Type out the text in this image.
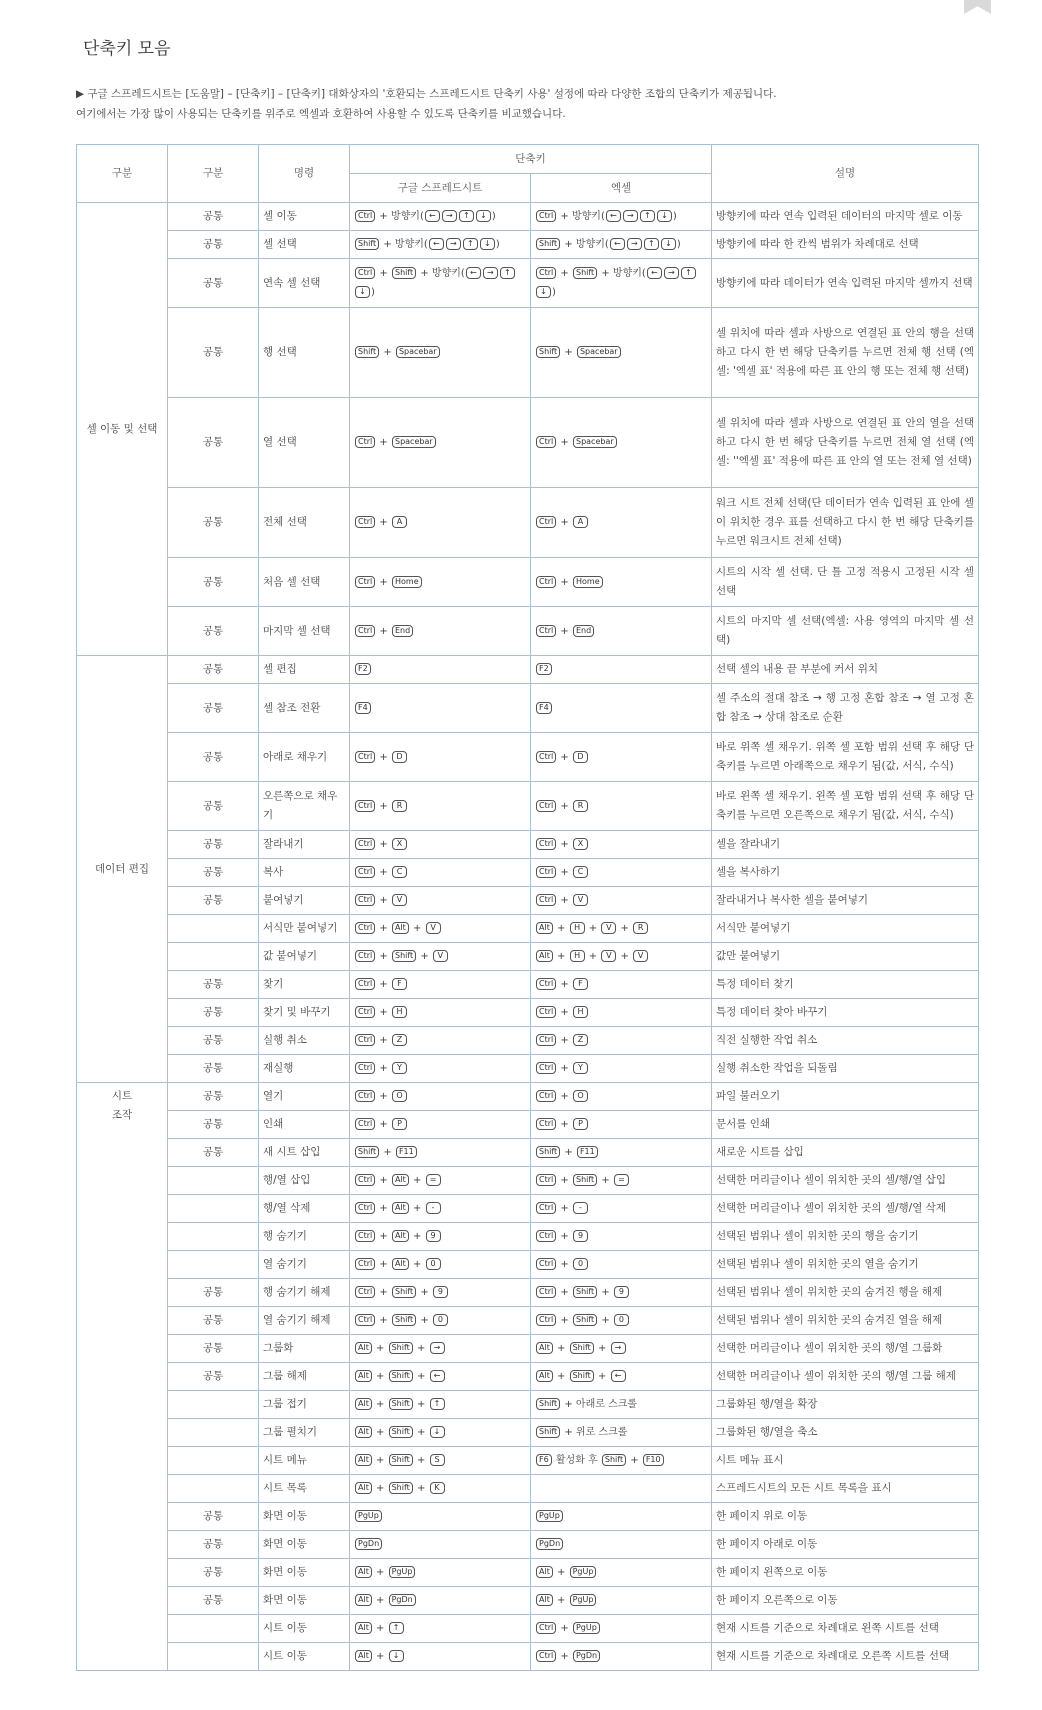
단축키 모음

▶ 구글 스프레드시트는 [도움말] – [단축키] – [단축키] 대화상자의 '호환되는 스프레드시트 단축키 사용' 설정에 따라 다양한 조합의 단축키가 제공됩니다.

여기에서는 가장 많이 사용되는 단축키를 위주로 엑셀과 호환하여 사용할 수 있도록 단축키를 비교했습니다.

구분	구분	명령	단축키		설명
			구글 스프레드시트	엑셀	
셀 이동 및 선택	공통	셀 이동	Ctrl + 방향키( ← → ↑ ↓ )	Ctrl + 방향키( ← → ↑ ↓ )	방향키에 따라 연속 입력된 데이터의 마지막 셀로 이동
	공통	셀 선택	Shift + 방향키( ← → ↑ ↓ )	Shift + 방향키( ← → ↑ ↓ )	방향키에 따라 한 칸씩 범위가 차례대로 선택
	공통	연속 셀 선택	Ctrl + Shift + 방향키( ← → ↑↓ )	Ctrl + Shift + 방향키( ← → ↑↓ )	방향키에 따라 데이터가 연속 입력된 마지막 셀까지 선택
	공통	행 선택	Shift + Spacebar	Shift + Spacebar	셀 위치에 따라 셀과 사방으로 연결된 표 안의 행을 선택하고 다시 한 번 해당 단축키를 누르면 전체 행 선택 (엑셀: '엑셀 표' 적용에 따른 표 안의 행 또는 전체 행 선택)
	공통	열 선택	Ctrl + Spacebar	Ctrl + Spacebar	셀 위치에 따라 셀과 사방으로 연결된 표 안의 열을 선택하고 다시 한 번 해당 단축키를 누르면 전체 열 선택 (엑셀: ''엑셀 표' 적용에 따른 표 안의 열 또는 전체 열 선택)
	공통	전체 선택	Ctrl + A	Ctrl + A	워크 시트 전체 선택(단 데이터가 연속 입력된 표 안에 셀이 위치한 경우 표를 선택하고 다시 한 번 해당 단축키를 누르면 워크시트 전체 선택)
	공통	처음 셀 선택	Ctrl + Home	Ctrl + Home	시트의 시작 셀 선택. 단 틀 고정 적용시 고정된 시작 셀 선택
	공통	마지막 셀 선택	Ctrl + End	Ctrl + End	시트의 마지막 셀 선택(엑셀: 사용 영역의 마지막 셀 선택)
데이터 편집	공통	셀 편집	F2	F2	선택 셀의 내용 끝 부분에 커서 위치
	공통	셀 참조 전환	F4	F4	셀 주소의 절대 참조 → 행 고정 혼합 참조 → 열 고정 혼합 참조 → 상대 참조로 순환
	공통	아래로 채우기	Ctrl + D	Ctrl + D	바로 위쪽 셀 채우기. 위쪽 셀 포함 범위 선택 후 해당 단축키를 누르면 아래쪽으로 채우기 됨(값, 서식, 수식)
	공통	오른쪽으로 채우기	Ctrl + R	Ctrl + R	바로 왼쪽 셀 채우기. 왼쪽 셀 포함 범위 선택 후 해당 단축키를 누르면 오른쪽으로 채우기 됨(값, 서식, 수식)
	공통	잘라내기	Ctrl + X	Ctrl + X	셀을 잘라내기
	공통	복사	Ctrl + C	Ctrl + C	셀을 복사하기
	공통	붙여넣기	Ctrl + V	Ctrl + V	잘라내거나 복사한 셀을 붙여넣기
		서식만 붙여넣기	Ctrl + Alt + V	Alt + H + V + R	서식만 붙여넣기
		값 붙여넣기	Ctrl + Shift + V	Alt + H + V + V	값만 붙여넣기
	공통	찾기	Ctrl + F	Ctrl + F	특정 데이터 찾기
	공통	찾기 및 바꾸기	Ctrl + H	Ctrl + H	특정 데이터 찾아 바꾸기
	공통	실행 취소	Ctrl + Z	Ctrl + Z	직전 실행한 작업 취소
	공통	재실행	Ctrl + Y	Ctrl + Y	실행 취소한 작업을 되돌림
시트
조작	공통	열기	Ctrl + O	Ctrl + O	파일 불러오기
	공통	인쇄	Ctrl + P	Ctrl + P	문서를 인쇄
	공통	새 시트 삽입	Shift + F11	Shift + F11	새로운 시트를 삽입
		행/열 삽입	Ctrl + Alt + =	Ctrl + Shift + =	선택한 머리글이나 셀이 위치한 곳의 셀/행/열 삽입
		행/열 삭제	Ctrl + Alt + -	Ctrl + -	선택한 머리글이나 셀이 위치한 곳의 셀/행/열 삭제
		행 숨기기	Ctrl + Alt + 9	Ctrl + 9	선택된 범위나 셀이 위치한 곳의 행을 숨기기
		열 숨기기	Ctrl + Alt + 0	Ctrl + 0	선택된 범위나 셀이 위치한 곳의 열을 숨기기
	공통	행 숨기기 해제	Ctrl + Shift + 9	Ctrl + Shift + 9	선택된 범위나 셀이 위치한 곳의 숨겨진 행을 해제
	공통	열 숨기기 해제	Ctrl + Shift + 0	Ctrl + Shift + 0	선택된 범위나 셀이 위치한 곳의 숨겨진 열을 해제
	공통	그룹화	Alt + Shift + →	Alt + Shift + →	선택한 머리글이나 셀이 위치한 곳의 행/열 그룹화
	공통	그룹 해제	Alt + Shift + ←	Alt + Shift + ←	선택한 머리글이나 셀이 위치한 곳의 행/열 그룹 해제
		그룹 접기	Alt + Shift + ↑	Shift + 아래로 스크롤	그룹화된 행/열을 확장
		그룹 펼치기	Alt + Shift + ↓	Shift + 위로 스크롤	그룹화된 행/열을 축소
		시트 메뉴	Alt + Shift + S	F6 활성화 후 Shift + F10	시트 메뉴 표시
		시트 목록	Alt + Shift + K		스프레드시트의 모든 시트 목록을 표시
	공통	화면 이동	PgUp	PgUp	한 페이지 위로 이동
	공통	화면 이동	PgDn	PgDn	한 페이지 아래로 이동
	공통	화면 이동	Alt + PgUp	Alt + PgUp	한 페이지 왼쪽으로 이동
	공통	화면 이동	Alt + PgDn	Alt + PgUp	한 페이지 오른쪽으로 이동
		시트 이동	Alt + ↑	Ctrl + PgUp	현재 시트를 기준으로 차례대로 왼쪽 시트를 선택
		시트 이동	Alt + ↓	Ctrl + PgDn	현재 시트를 기준으로 차례대로 오른쪽 시트를 선택
